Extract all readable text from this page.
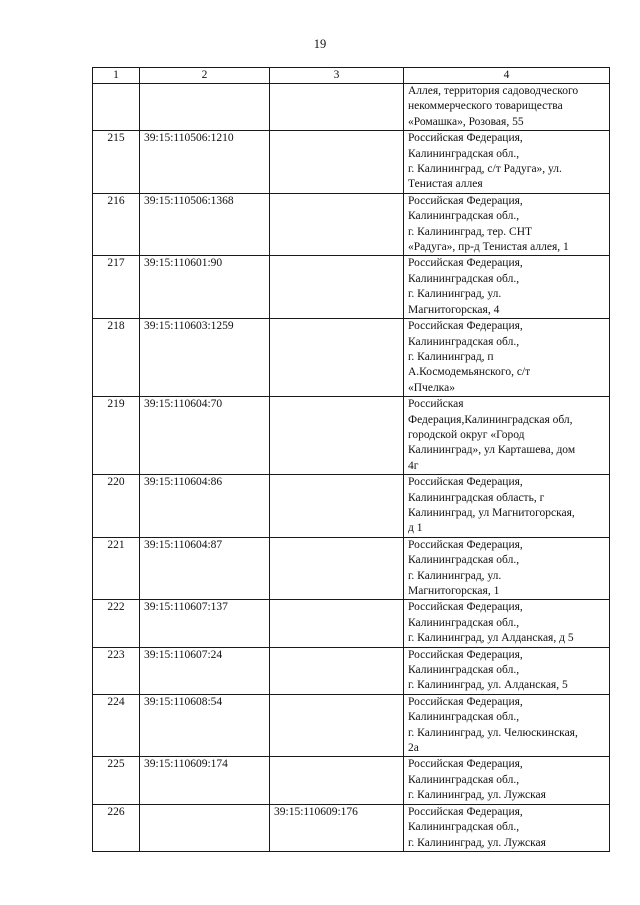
19
1	2	3	4

			Аллея, территория садоводческого
некоммерческого товарищества
«Ромашка», Розовая, 55

215	39:15:110506:1210		Российская Федерация,
Калининградская обл.,
г. Калининград, с/т Радуга», ул.
Тенистая аллея

216	39:15:110506:1368		Российская Федерация,
Калининградская обл.,
г. Калининград, тер. СНТ
«Радуга», пр-д Тенистая аллея, 1

217	39:15:110601:90		Российская Федерация,
Калининградская обл.,
г. Калининград, ул.
Магнитогорская, 4

218	39:15:110603:1259		Российская Федерация,
Калининградская обл.,
г. Калининград, п
А.Космодемьянского, с/т
«Пчелка»

219	39:15:110604:70		Российская
Федерация,Калининградская обл,
городской округ «Город
Калининград», ул Карташева, дом
4г

220	39:15:110604:86		Российская Федерация,
Калининградская область, г
Калининград, ул Магнитогорская,
д 1

221	39:15:110604:87		Российская Федерация,
Калининградская обл.,
г. Калининград, ул.
Магнитогорская, 1

222	39:15:110607:137		Российская Федерация,
Калининградская обл.,
г. Калининград, ул Алданская, д 5

223	39:15:110607:24		Российская Федерация,
Калининградская обл.,
г. Калининград, ул. Алданская, 5

224	39:15:110608:54		Российская Федерация,
Калининградская обл.,
г. Калининград, ул. Челюскинская,
2а

225	39:15:110609:174		Российская Федерация,
Калининградская обл.,
г. Калининград, ул. Лужская

226		39:15:110609:176	Российская Федерация,
Калининградская обл.,
г. Калининград, ул. Лужская
